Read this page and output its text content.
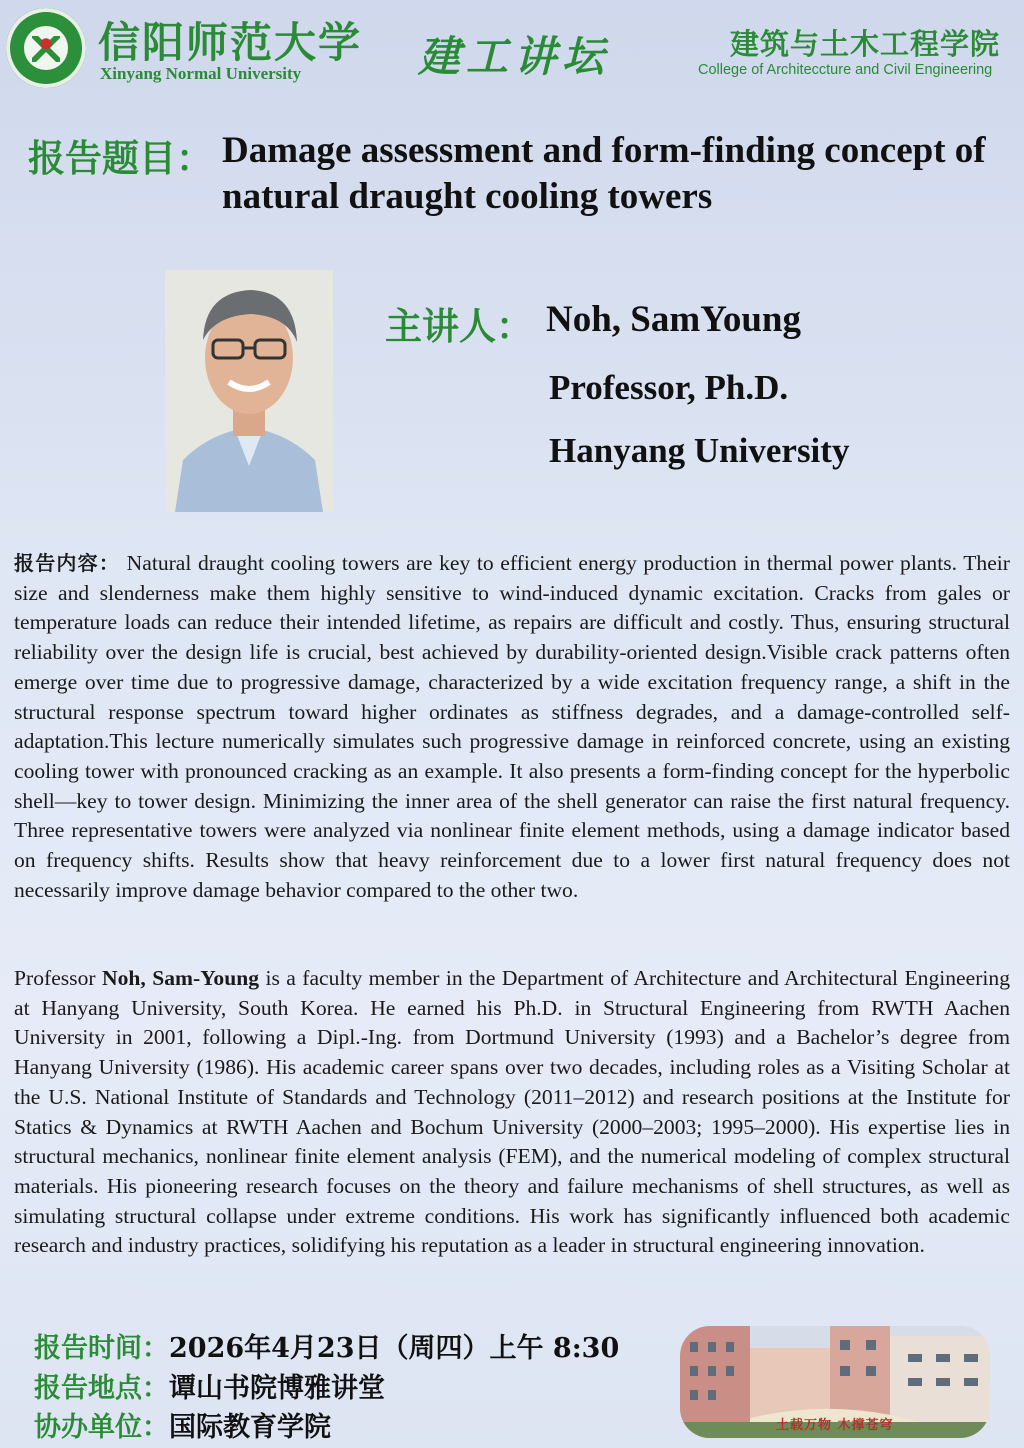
信阳师范大学
Xinyang Normal University	建工讲坛	建筑与土木工程学院
College of Architeccture and Civil Engineering
报告题目： Damage assessment and form-finding concept of natural draught cooling towers
主讲人： Noh, SamYoung
Professor, Ph.D.
Hanyang University
报告内容： Natural draught cooling towers are key to efficient energy production in thermal power plants. Their size and slenderness make them highly sensitive to wind-induced dynamic excitation. Cracks from gales or temperature loads can reduce their intended lifetime, as repairs are difficult and costly. Thus, ensuring structural reliability over the design life is crucial, best achieved by durability-oriented design.Visible crack patterns often emerge over time due to progressive damage, characterized by a wide excitation frequency range, a shift in the structural response spectrum toward higher ordinates as stiffness degrades, and a damage-controlled self-adaptation.This lecture numerically simulates such progressive damage in reinforced concrete, using an existing cooling tower with pronounced cracking as an example. It also presents a form-finding concept for the hyperbolic shell—key to tower design. Minimizing the inner area of the shell generator can raise the first natural frequency. Three representative towers were analyzed via nonlinear finite element methods, using a damage indicator based on frequency shifts. Results show that heavy reinforcement due to a lower first natural frequency does not necessarily improve damage behavior compared to the other two.
Professor Noh, Sam-Young is a faculty member in the Department of Architecture and Architectural Engineering at Hanyang University, South Korea. He earned his Ph.D. in Structural Engineering from RWTH Aachen University in 2001, following a Dipl.-Ing. from Dortmund University (1993) and a Bachelor’s degree from Hanyang University (1986). His academic career spans over two decades, including roles as a Visiting Scholar at the U.S. National Institute of Standards and Technology (2011–2012) and research positions at the Institute for Statics & Dynamics at RWTH Aachen and Bochum University (2000–2003; 1995–2000). His expertise lies in structural mechanics, nonlinear finite element analysis (FEM), and the numerical modeling of complex structural materials. His pioneering research focuses on the theory and failure mechanisms of shell structures, as well as simulating structural collapse under extreme conditions. His work has significantly influenced both academic research and industry practices, solidifying his reputation as a leader in structural engineering innovation.
报告时间：2026年4月23日（周四）上午 8:30
报告地点：谭山书院博雅讲堂
协办单位：国际教育学院	土载万物 木撑苍穹
